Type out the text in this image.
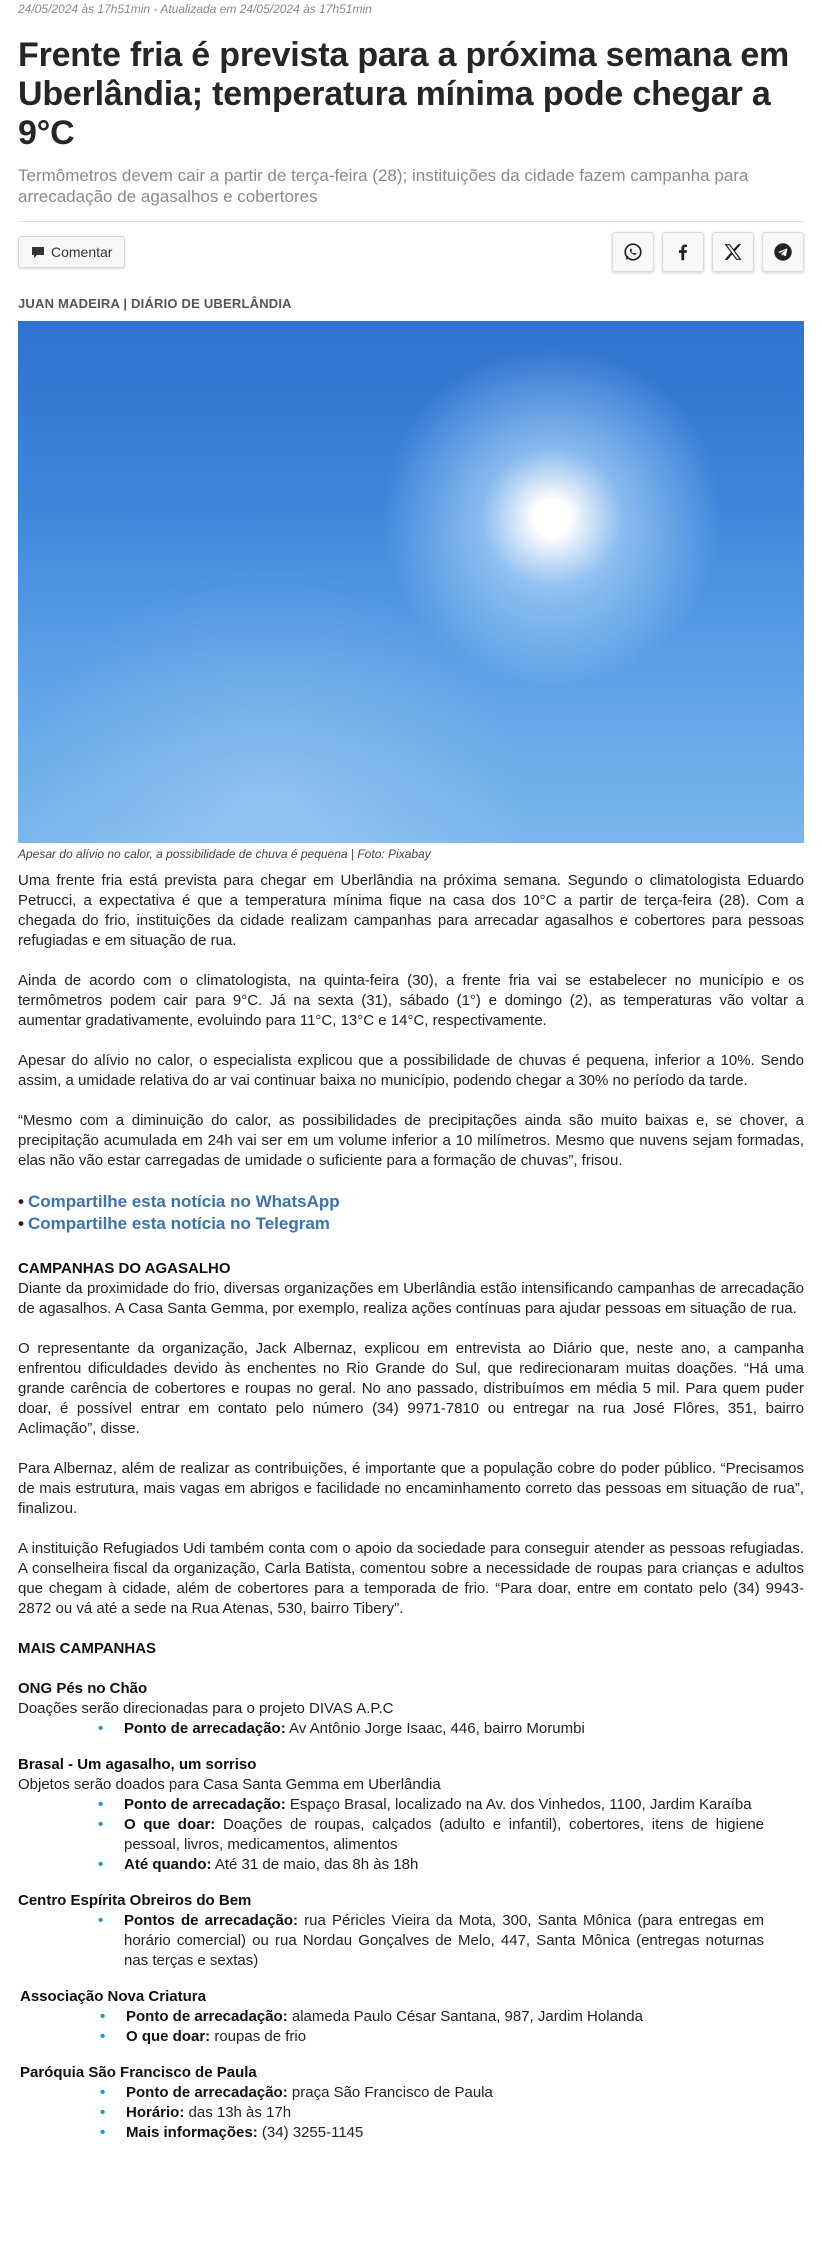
24/05/2024 às 17h51min - Atualizada em 24/05/2024 às 17h51min
Frente fria é prevista para a próxima semana em Uberlândia; temperatura mínima pode chegar a 9°C
Termômetros devem cair a partir de terça-feira (28); instituições da cidade fazem campanha para arrecadação de agasalhos e cobertores
Comentar
JUAN MADEIRA | DIÁRIO DE UBERLÂNDIA
Apesar do alívio no calor, a possibilidade de chuva é pequena | Foto: Pixabay

Uma frente fria está prevista para chegar em Uberlândia na próxima semana. Segundo o climatologista Eduardo Petrucci, a expectativa é que a temperatura mínima fique na casa dos 10°C a partir de terça-feira (28). Com a chegada do frio, instituições da cidade realizam campanhas para arrecadar agasalhos e cobertores para pessoas refugiadas e em situação de rua.

Ainda de acordo com o climatologista, na quinta-feira (30), a frente fria vai se estabelecer no município e os termômetros podem cair para 9°C. Já na sexta (31), sábado (1°) e domingo (2), as temperaturas vão voltar a aumentar gradativamente, evoluindo para 11°C, 13°C e 14°C, respectivamente.

Apesar do alívio no calor, o especialista explicou que a possibilidade de chuvas é pequena, inferior a 10%. Sendo assim, a umidade relativa do ar vai continuar baixa no município, podendo chegar a 30% no período da tarde.

“Mesmo com a diminuição do calor, as possibilidades de precipitações ainda são muito baixas e, se chover, a precipitação acumulada em 24h vai ser em um volume inferior a 10 milímetros. Mesmo que nuvens sejam formadas, elas não vão estar carregadas de umidade o suficiente para a formação de chuvas”, frisou.

• Compartilhe esta notícia no WhatsApp
• Compartilhe esta notícia no Telegram
CAMPANHAS DO AGASALHO

Diante da proximidade do frio, diversas organizações em Uberlândia estão intensificando campanhas de arrecadação de agasalhos. A Casa Santa Gemma, por exemplo, realiza ações contínuas para ajudar pessoas em situação de rua.

O representante da organização, Jack Albernaz, explicou em entrevista ao Diário que, neste ano, a campanha enfrentou dificuldades devido às enchentes no Rio Grande do Sul, que redirecionaram muitas doações. “Há uma grande carência de cobertores e roupas no geral. No ano passado, distribuímos em média 5 mil. Para quem puder doar, é possível entrar em contato pelo número (34) 9971-7810 ou entregar na rua José Flôres, 351, bairro Aclimação”, disse.

Para Albernaz, além de realizar as contribuições, é importante que a população cobre do poder público. “Precisamos de mais estrutura, mais vagas em abrigos e facilidade no encaminhamento correto das pessoas em situação de rua”, finalizou.

A instituição Refugiados Udi também conta com o apoio da sociedade para conseguir atender as pessoas refugiadas. A conselheira fiscal da organização, Carla Batista, comentou sobre a necessidade de roupas para crianças e adultos que chegam à cidade, além de cobertores para a temporada de frio. “Para doar, entre em contato pelo (34) 9943-2872 ou vá até a sede na Rua Atenas, 530, bairro Tibery”.

MAIS CAMPANHAS

ONG Pés no Chão
Doações serão direcionadas para o projeto DIVAS A.P.C
• Ponto de arrecadação: Av Antônio Jorge Isaac, 446, bairro Morumbi
Brasal - Um agasalho, um sorriso
Objetos serão doados para Casa Santa Gemma em Uberlândia
• Ponto de arrecadação: Espaço Brasal, localizado na Av. dos Vinhedos, 1100, Jardim Karaíba
• O que doar: Doações de roupas, calçados (adulto e infantil), cobertores, itens de higiene pessoal, livros, medicamentos, alimentos
• Até quando: Até 31 de maio, das 8h às 18h
Centro Espírita Obreiros do Bem
• Pontos de arrecadação: rua Péricles Vieira da Mota, 300, Santa Mônica (para entregas em horário comercial) ou rua Nordau Gonçalves de Melo, 447, Santa Mônica (entregas noturnas nas terças e sextas)
Associação Nova Criatura
• Ponto de arrecadação: alameda Paulo César Santana, 987, Jardim Holanda
• O que doar: roupas de frio
Paróquia São Francisco de Paula
• Ponto de arrecadação: praça São Francisco de Paula
• Horário: das 13h às 17h
• Mais informações: (34) 3255-1145
